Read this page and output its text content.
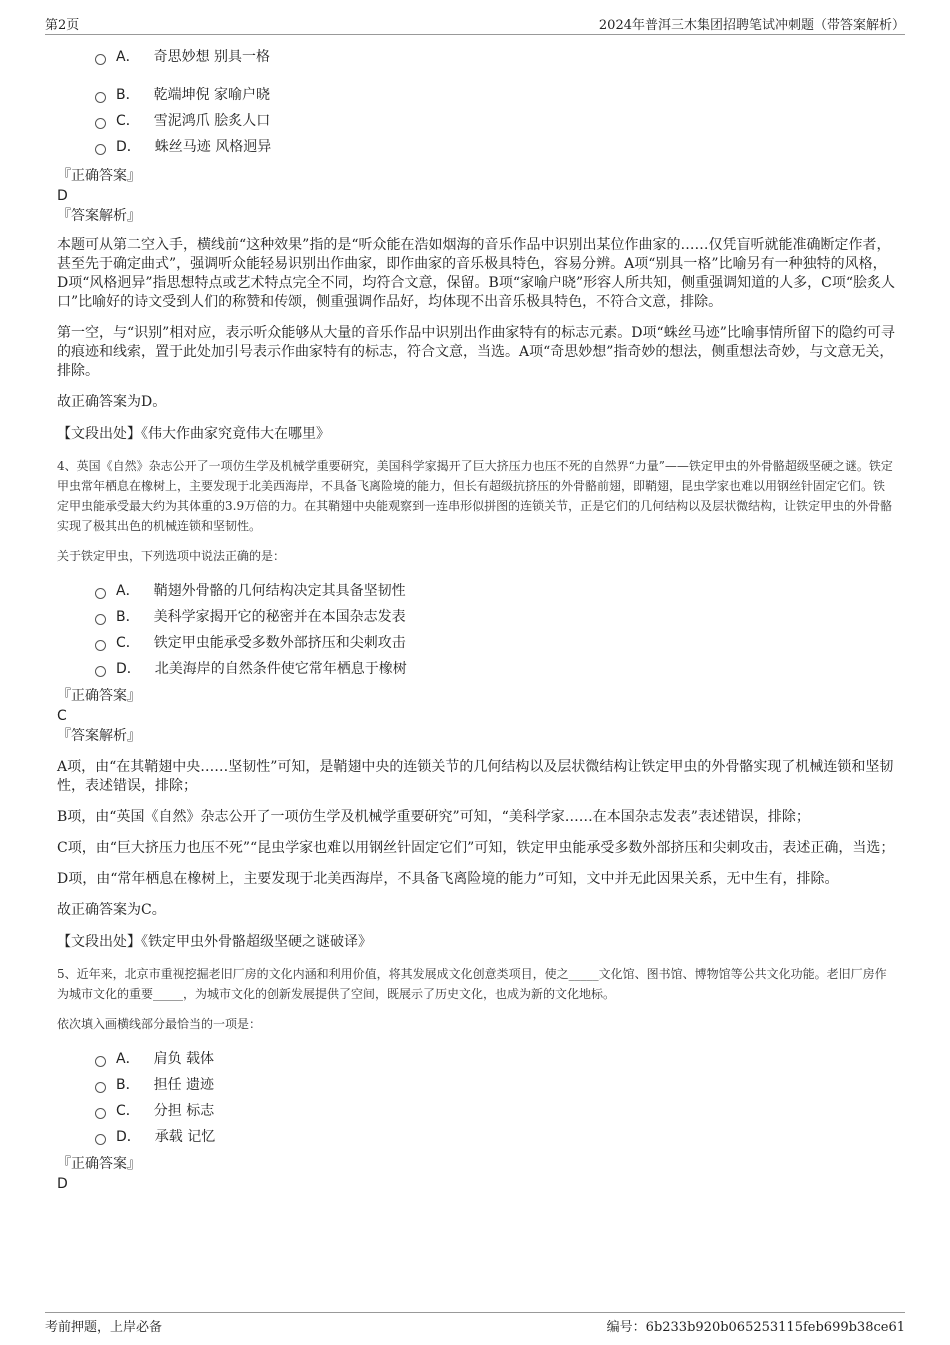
第2页	2024年普洱三木集团招聘笔试冲刺题（带答案解析）
A． 奇思妙想 别具一格
B． 乾端坤倪 家喻户晓
C． 雪泥鸿爪 脍炙人口
D． 蛛丝马迹 风格迥异
『正确答案』
D
『答案解析』

本题可从第二空入手，横线前“这种效果”指的是“听众能在浩如烟海的音乐作品中识别出某位作曲家的……仅凭盲听就能准确断定作者，甚至先于确定曲式”，强调听众能轻易识别出作曲家，即作曲家的音乐极具特色，容易分辨。A项“别具一格”比喻另有一种独特的风格，D项“风格迥异”指思想特点或艺术特点完全不同，均符合文意，保留。B项“家喻户晓”形容人所共知，侧重强调知道的人多，C项“脍炙人口”比喻好的诗文受到人们的称赞和传颂，侧重强调作品好，均体现不出音乐极具特色，不符合文意，排除。

第一空，与“识别”相对应，表示听众能够从大量的音乐作品中识别出作曲家特有的标志元素。D项“蛛丝马迹”比喻事情所留下的隐约可寻的痕迹和线索，置于此处加引号表示作曲家特有的标志，符合文意，当选。A项“奇思妙想”指奇妙的想法，侧重想法奇妙，与文意无关，排除。

故正确答案为D。

【文段出处】《伟大作曲家究竟伟大在哪里》

4、英国《自然》杂志公开了一项仿生学及机械学重要研究，美国科学家揭开了巨大挤压力也压不死的自然界“力量”——铁定甲虫的外骨骼超级坚硬之谜。铁定甲虫常年栖息在橡树上，主要发现于北美西海岸，不具备飞离险境的能力，但长有超级抗挤压的外骨骼前翅，即鞘翅，昆虫学家也难以用钢丝针固定它们。铁定甲虫能承受最大约为其体重的3.9万倍的力。在其鞘翅中央能观察到一连串形似拼图的连锁关节，正是它们的几何结构以及层状微结构，让铁定甲虫的外骨骼实现了极其出色的机械连锁和坚韧性。

关于铁定甲虫，下列选项中说法正确的是：

A． 鞘翅外骨骼的几何结构决定其具备坚韧性
B． 美科学家揭开它的秘密并在本国杂志发表
C． 铁定甲虫能承受多数外部挤压和尖刺攻击
D． 北美海岸的自然条件使它常年栖息于橡树
『正确答案』
C
『答案解析』

A项，由“在其鞘翅中央……坚韧性”可知，是鞘翅中央的连锁关节的几何结构以及层状微结构让铁定甲虫的外骨骼实现了机械连锁和坚韧性，表述错误，排除；

B项，由“英国《自然》杂志公开了一项仿生学及机械学重要研究”可知，“美科学家……在本国杂志发表”表述错误，排除；

C项，由“巨大挤压力也压不死”“昆虫学家也难以用钢丝针固定它们”可知，铁定甲虫能承受多数外部挤压和尖刺攻击，表述正确，当选；

D项，由“常年栖息在橡树上，主要发现于北美西海岸，不具备飞离险境的能力”可知，文中并无此因果关系，无中生有，排除。

故正确答案为C。

【文段出处】《铁定甲虫外骨骼超级坚硬之谜破译》

5、近年来，北京市重视挖掘老旧厂房的文化内涵和利用价值，将其发展成文化创意类项目，使之_____文化馆、图书馆、博物馆等公共文化功能。老旧厂房作为城市文化的重要_____，为城市文化的创新发展提供了空间，既展示了历史文化，也成为新的文化地标。

依次填入画横线部分最恰当的一项是：

A． 肩负 载体
B． 担任 遗迹
C． 分担 标志
D． 承载 记忆
『正确答案』
D
考前押题，上岸必备	编号：6b233b920b065253115feb699b38ce61
